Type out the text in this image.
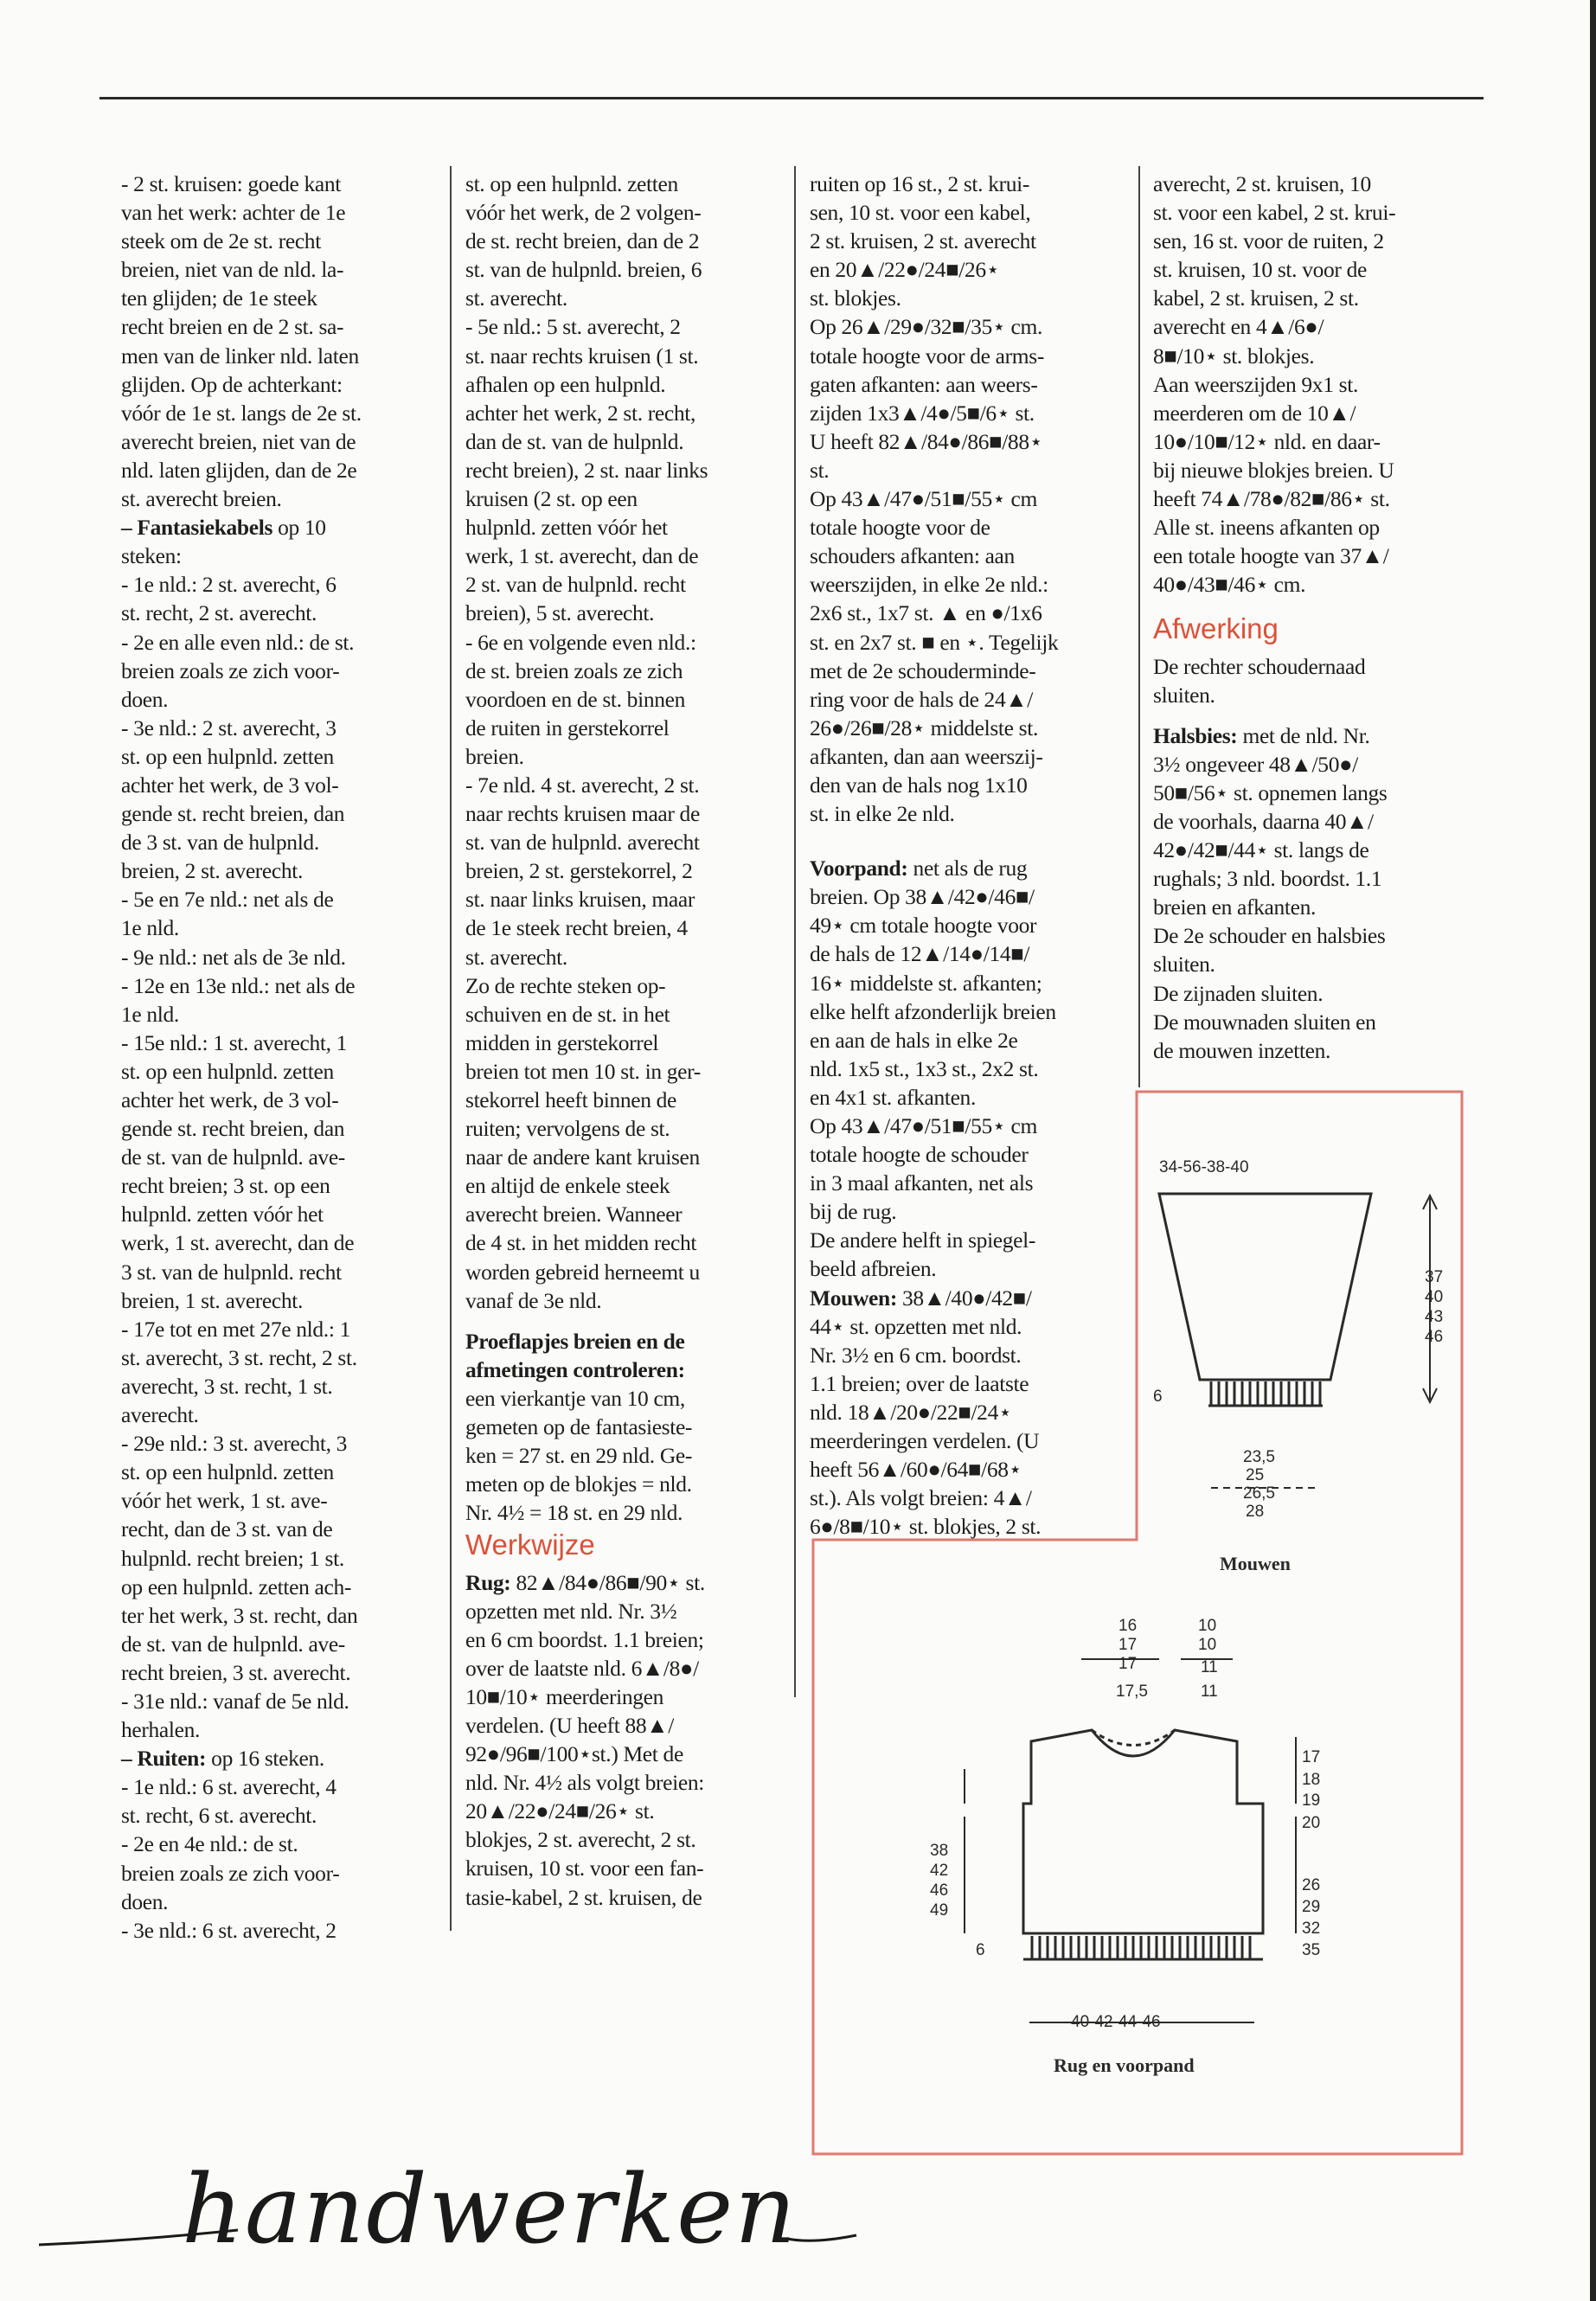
- 2 st. kruisen: goede kant
van het werk: achter de 1e
steek om de 2e st. recht
breien, niet van de nld. la-
ten glijden; de 1e steek
recht breien en de 2 st. sa-
men van de linker nld. laten
glijden. Op de achterkant:
vóór de 1e st. langs de 2e st.
averecht breien, niet van de
nld. laten glijden, dan de 2e
st. averecht breien.

– Fantasiekabels op 10
steken:
- 1e nld.: 2 st. averecht, 6
st. recht, 2 st. averecht.
- 2e en alle even nld.: de st.
breien zoals ze zich voor-
doen.
- 3e nld.: 2 st. averecht, 3
st. op een hulpnld. zetten
achter het werk, de 3 vol-
gende st. recht breien, dan
de 3 st. van de hulpnld.
breien, 2 st. averecht.
- 5e en 7e nld.: net als de
1e nld.
- 9e nld.: net als de 3e nld.
- 12e en 13e nld.: net als de
1e nld.
- 15e nld.: 1 st. averecht, 1
st. op een hulpnld. zetten
achter het werk, de 3 vol-
gende st. recht breien, dan
de st. van de hulpnld. ave-
recht breien; 3 st. op een
hulpnld. zetten vóór het
werk, 1 st. averecht, dan de
3 st. van de hulpnld. recht
breien, 1 st. averecht.
- 17e tot en met 27e nld.: 1
st. averecht, 3 st. recht, 2 st.
averecht, 3 st. recht, 1 st.
averecht.
- 29e nld.: 3 st. averecht, 3
st. op een hulpnld. zetten
vóór het werk, 1 st. ave-
recht, dan de 3 st. van de
hulpnld. recht breien; 1 st.
op een hulpnld. zetten ach-
ter het werk, 3 st. recht, dan
de st. van de hulpnld. ave-
recht breien, 3 st. averecht.
- 31e nld.: vanaf de 5e nld.
herhalen.

– Ruiten: op 16 steken.
- 1e nld.: 6 st. averecht, 4
st. recht, 6 st. averecht.
- 2e en 4e nld.: de st.
breien zoals ze zich voor-
doen.
- 3e nld.: 6 st. averecht, 2

st. op een hulpnld. zetten
vóór het werk, de 2 volgen-
de st. recht breien, dan de 2
st. van de hulpnld. breien, 6
st. averecht.
- 5e nld.: 5 st. averecht, 2
st. naar rechts kruisen (1 st.
afhalen op een hulpnld.
achter het werk, 2 st. recht,
dan de st. van de hulpnld.
recht breien), 2 st. naar links
kruisen (2 st. op een
hulpnld. zetten vóór het
werk, 1 st. averecht, dan de
2 st. van de hulpnld. recht
breien), 5 st. averecht.
- 6e en volgende even nld.:
de st. breien zoals ze zich
voordoen en de st. binnen
de ruiten in gerstekorrel
breien.
- 7e nld. 4 st. averecht, 2 st.
naar rechts kruisen maar de
st. van de hulpnld. averecht
breien, 2 st. gerstekorrel, 2
st. naar links kruisen, maar
de 1e steek recht breien, 4
st. averecht.
Zo de rechte steken op-
schuiven en de st. in het
midden in gerstekorrel
breien tot men 10 st. in ger-
stekorrel heeft binnen de
ruiten; vervolgens de st.
naar de andere kant kruisen
en altijd de enkele steek
averecht breien. Wanneer
de 4 st. in het midden recht
worden gebreid herneemt u
vanaf de 3e nld.

Proeflapjes breien en de
afmetingen controleren:
een vierkantje van 10 cm,
gemeten op de fantasieste-
ken = 27 st. en 29 nld. Ge-
meten op de blokjes = nld.
Nr. 4½ = 18 st. en 29 nld.

Werkwijze

Rug: 82▲/84●/86■/90⋆ st.
opzetten met nld. Nr. 3½
en 6 cm boordst. 1.1 breien;
over de laatste nld. 6▲/8●/
10■/10⋆ meerderingen
verdelen. (U heeft 88▲/
92●/96■/100⋆st.) Met de
nld. Nr. 4½ als volgt breien:
20▲/22●/24■/26⋆ st.
blokjes, 2 st. averecht, 2 st.
kruisen, 10 st. voor een fan-
tasie-kabel, 2 st. kruisen, de

ruiten op 16 st., 2 st. krui-
sen, 10 st. voor een kabel,
2 st. kruisen, 2 st. averecht
en 20▲/22●/24■/26⋆
st. blokjes.
Op 26▲/29●/32■/35⋆ cm.
totale hoogte voor de arms-
gaten afkanten: aan weers-
zijden 1x3▲/4●/5■/6⋆ st.
U heeft 82▲/84●/86■/88⋆
st.
Op 43▲/47●/51■/55⋆ cm
totale hoogte voor de
schouders afkanten: aan
weerszijden, in elke 2e nld.:
2x6 st., 1x7 st. ▲ en ●/1x6
st. en 2x7 st. ■ en ⋆. Tegelijk
met de 2e schouderminde-
ring voor de hals de 24▲/
26●/26■/28⋆ middelste st.
afkanten, dan aan weerszij-
den van de hals nog 1x10
st. in elke 2e nld.

Voorpand: net als de rug
breien. Op 38▲/42●/46■/
49⋆ cm totale hoogte voor
de hals de 12▲/14●/14■/
16⋆ middelste st. afkanten;
elke helft afzonderlijk breien
en aan de hals in elke 2e
nld. 1x5 st., 1x3 st., 2x2 st.
en 4x1 st. afkanten.
Op 43▲/47●/51■/55⋆ cm
totale hoogte de schouder
in 3 maal afkanten, net als
bij de rug.
De andere helft in spiegel-
beeld afbreien.

Mouwen: 38▲/40●/42■/
44⋆ st. opzetten met nld.
Nr. 3½ en 6 cm. boordst.
1.1 breien; over de laatste
nld. 18▲/20●/22■/24⋆
meerderingen verdelen. (U
heeft 56▲/60●/64■/68⋆
st.). Als volgt breien: 4▲/
6●/8■/10⋆ st. blokjes, 2 st.

averecht, 2 st. kruisen, 10
st. voor een kabel, 2 st. krui-
sen, 16 st. voor de ruiten, 2
st. kruisen, 10 st. voor de
kabel, 2 st. kruisen, 2 st.
averecht en 4▲/6●/
8■/10⋆ st. blokjes.
Aan weerszijden 9x1 st.
meerderen om de 10▲/
10●/10■/12⋆ nld. en daar-
bij nieuwe blokjes breien. U
heeft 74▲/78●/82■/86⋆ st.
Alle st. ineens afkanten op
een totale hoogte van 37▲/
40●/43■/46⋆ cm.

Afwerking

De rechter schoudernaad
sluiten.

Halsbies: met de nld. Nr.
3½ ongeveer 48▲/50●/
50■/56⋆ st. opnemen langs
de voorhals, daarna 40▲/
42●/42■/44⋆ st. langs de
rughals; 3 nld. boordst. 1.1
breien en afkanten.
De 2e schouder en halsbies
sluiten.
De zijnaden sluiten.
De mouwnaden sluiten en
de mouwen inzetten.

34-56-38-40
37
40
43
46
6
23,5
25
26,5
28
Mouwen
16
17
17
17,5
10
10
11
11
17
18
19
20
38
42
46
49
26
29
32
35
6
40-42-44-46
Rug en voorpand
handwerken
